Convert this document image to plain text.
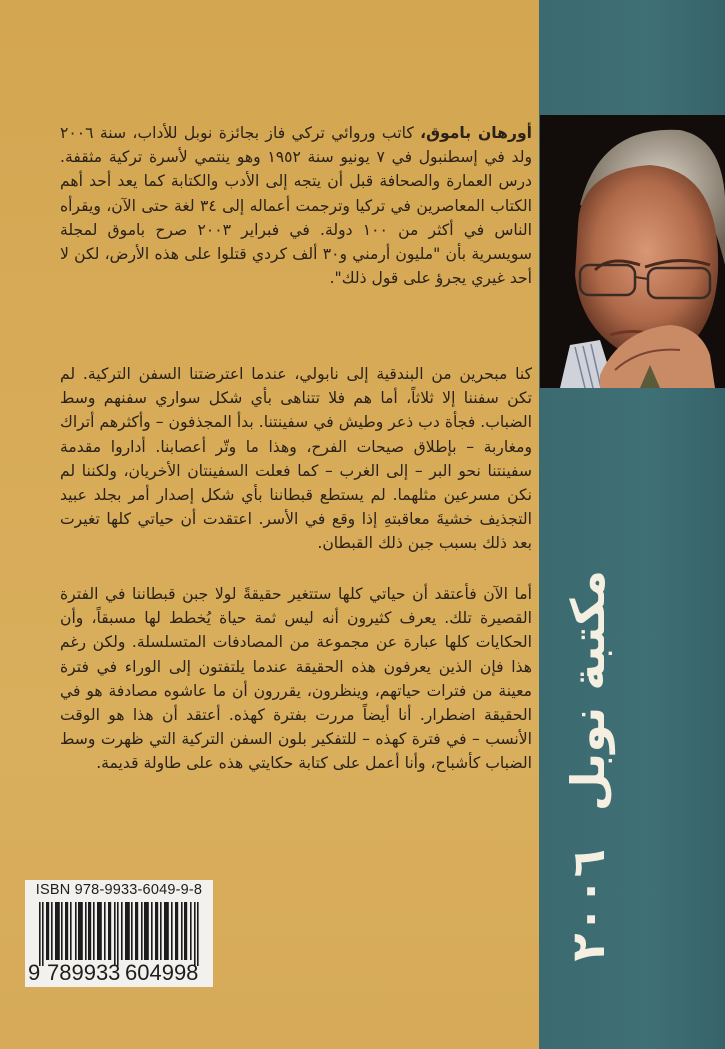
أورهان باموق، كاتب وروائي تركي فاز بجائزة نوبل للأداب، سنة ٢٠٠٦ ولد في إسطنبول في ٧ يونيو سنة ١٩٥٢ وهو ينتمي لأسرة تركية مثقفة. درس العمارة والصحافة قبل أن يتجه إلى الأدب والكتابة كما يعد أحد أهم الكتاب المعاصرين في تركيا وترجمت أعماله إلى ٣٤ لغة حتى الآن، ويقرأه الناس في أكثر من ١٠٠ دولة. في فبراير ٢٠٠٣ صرح باموق لمجلة سويسرية بأن "مليون أرمني و٣٠ ألف كردي قتلوا على هذه الأرض، لكن لا أحد غيري يجرؤ على قول ذلك".

كنا مبحرين من البندقية إلى نابولي، عندما اعترضتنا السفن التركية. لم تكن سفننا إلا ثلاثاً، أما هم فلا تتناهى بأي شكل سواري سفنهم وسط الضباب. فجأة دب ذعر وطيش في سفينتنا. بدأ المجذفون – وأكثرهم أتراك ومغاربة – بإطلاق صيحات الفرح، وهذا ما وتّر أعصابنا. أداروا مقدمة سفينتنا نحو البر – إلى الغرب – كما فعلت السفينتان الأخريان، ولكننا لم نكن مسرعين مثلهما. لم يستطع قبطاننا بأي شكل إصدار أمر بجلد عبيد التجذيف خشيةَ معاقبتهِ إذا وقع في الأسر. اعتقدت أن حياتي كلها تغيرت بعد ذلك بسبب جبن ذلك القبطان.

أما الآن فأعتقد أن حياتي كلها ستتغير حقيقةً لولا جبن قبطاننا في الفترة القصيرة تلك. يعرف كثيرون أنه ليس ثمة حياة يُخطط لها مسبقاً، وأن الحكايات كلها عبارة عن مجموعة من المصادفات المتسلسلة. ولكن رغم هذا فإن الذين يعرفون هذه الحقيقة عندما يلتفتون إلى الوراء في فترة معينة من فترات حياتهم، وينظرون، يقررون أن ما عاشوه مصادفة هو في الحقيقة اضطرار. أنا أيضاً مررت بفترة كهذه. أعتقد أن هذا هو الوقت الأنسب – في فترة كهذه – للتفكير بلون السفن التركية التي ظهرت وسط الضباب كأشباح، وأنا أعمل على كتابة حكايتي هذه على طاولة قديمة. مكتبة نوبل ٢٠٠٦
ISBN 978-9933-6049-9-8
9 789933 604998
